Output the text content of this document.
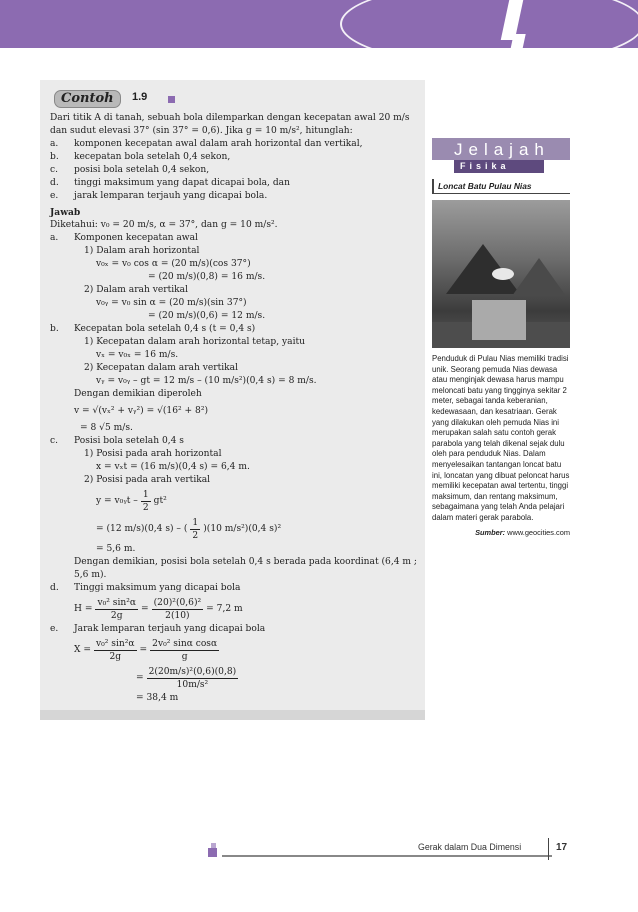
Contoh	1.9

Dari titik A di tanah, sebuah bola dilemparkan dengan kecepatan awal 20 m/s dan sudut elevasi 37° (sin 37° = 0,6). Jika g = 10 m/s², hitunglah:

a.	komponen kecepatan awal dalam arah horizontal dan vertikal,
b.	kecepatan bola setelah 0,4 sekon,
c.	posisi bola setelah 0,4 sekon,
d.	tinggi maksimum yang dapat dicapai bola, dan
e.	jarak lemparan terjauh yang dicapai bola.

Jawab

Diketahui: v₀ = 20 m/s, α = 37°, dan g = 10 m/s².

a.	Komponen kecepatan awal

1) Dalam arah horizontal

v₀ₓ = v₀ cos α = (20 m/s)(cos 37°)

= (20 m/s)(0,8) = 16 m/s.

2) Dalam arah vertikal

v₀ᵧ = v₀ sin α = (20 m/s)(sin 37°)

= (20 m/s)(0,6) = 12 m/s.

b.	Kecepatan bola setelah 0,4 s (t = 0,4 s)

1) Kecepatan dalam arah horizontal tetap, yaitu

vₓ = v₀ₓ = 16 m/s.

2) Kecepatan dalam arah vertikal

vᵧ = v₀ᵧ – gt = 12 m/s – (10 m/s²)(0,4 s) = 8 m/s.

Dengan demikian diperoleh

v = √(vₓ² + vᵧ²) = √(16² + 8²)

= 8 √5 m/s.

c.	Posisi bola setelah 0,4 s

1) Posisi pada arah horizontal

x = vₓt = (16 m/s)(0,4 s) = 6,4 m.

2) Posisi pada arah vertikal

y = v₀ᵧt – $\frac{1}{2} gt^2$
= (12 m/s)(0,4 s) – ( $\frac{1}{2} )(10$ m/s²)(0,4 s)²

= 5,6 m.

Dengan demikian, posisi bola setelah 0,4 s berada pada koordinat (6,4 m ; 5,6 m).

d.	Tinggi maksimum yang dicapai bola
$H = \frac{\text{v₀² sin²α}}{2g} = \frac{\text{(20)²(0,6)²}}{2(10)} = 7,2$ m
e.	Jarak lemparan terjauh yang dicapai bola
$X = \frac{\text{v₀² sin²α}}{2g} = \frac{\text{2v₀² sinα cosα}}{g}$
= $\frac{\text{2(20m/s)²(0,6)(0,8)}}{\text{10m/s²}}$

= 38,4 m

Jelajah
Fisika
Loncat Batu Pulau Nias

Penduduk di Pulau Nias memiliki tradisi unik. Seorang pemuda Nias dewasa atau menginjak dewasa harus mampu meloncati batu yang tingginya sekitar 2 meter, sebagai tanda keberanian, kedewasaan, dan kesatriaan. Gerak yang dilakukan oleh pemuda Nias ini merupakan salah satu contoh gerak parabola yang telah dikenal sejak dulu oleh para penduduk Nias. Dalam menyelesaikan tantangan loncat batu ini, loncatan yang dibuat peloncat harus memiliki kecepatan awal tertentu, tinggi maksimum, dan rentang maksimum, sebagaimana yang telah Anda pelajari dalam materi gerak parabola.

Sumber: www.geocities.com

Gerak dalam Dua Dimensi	17
